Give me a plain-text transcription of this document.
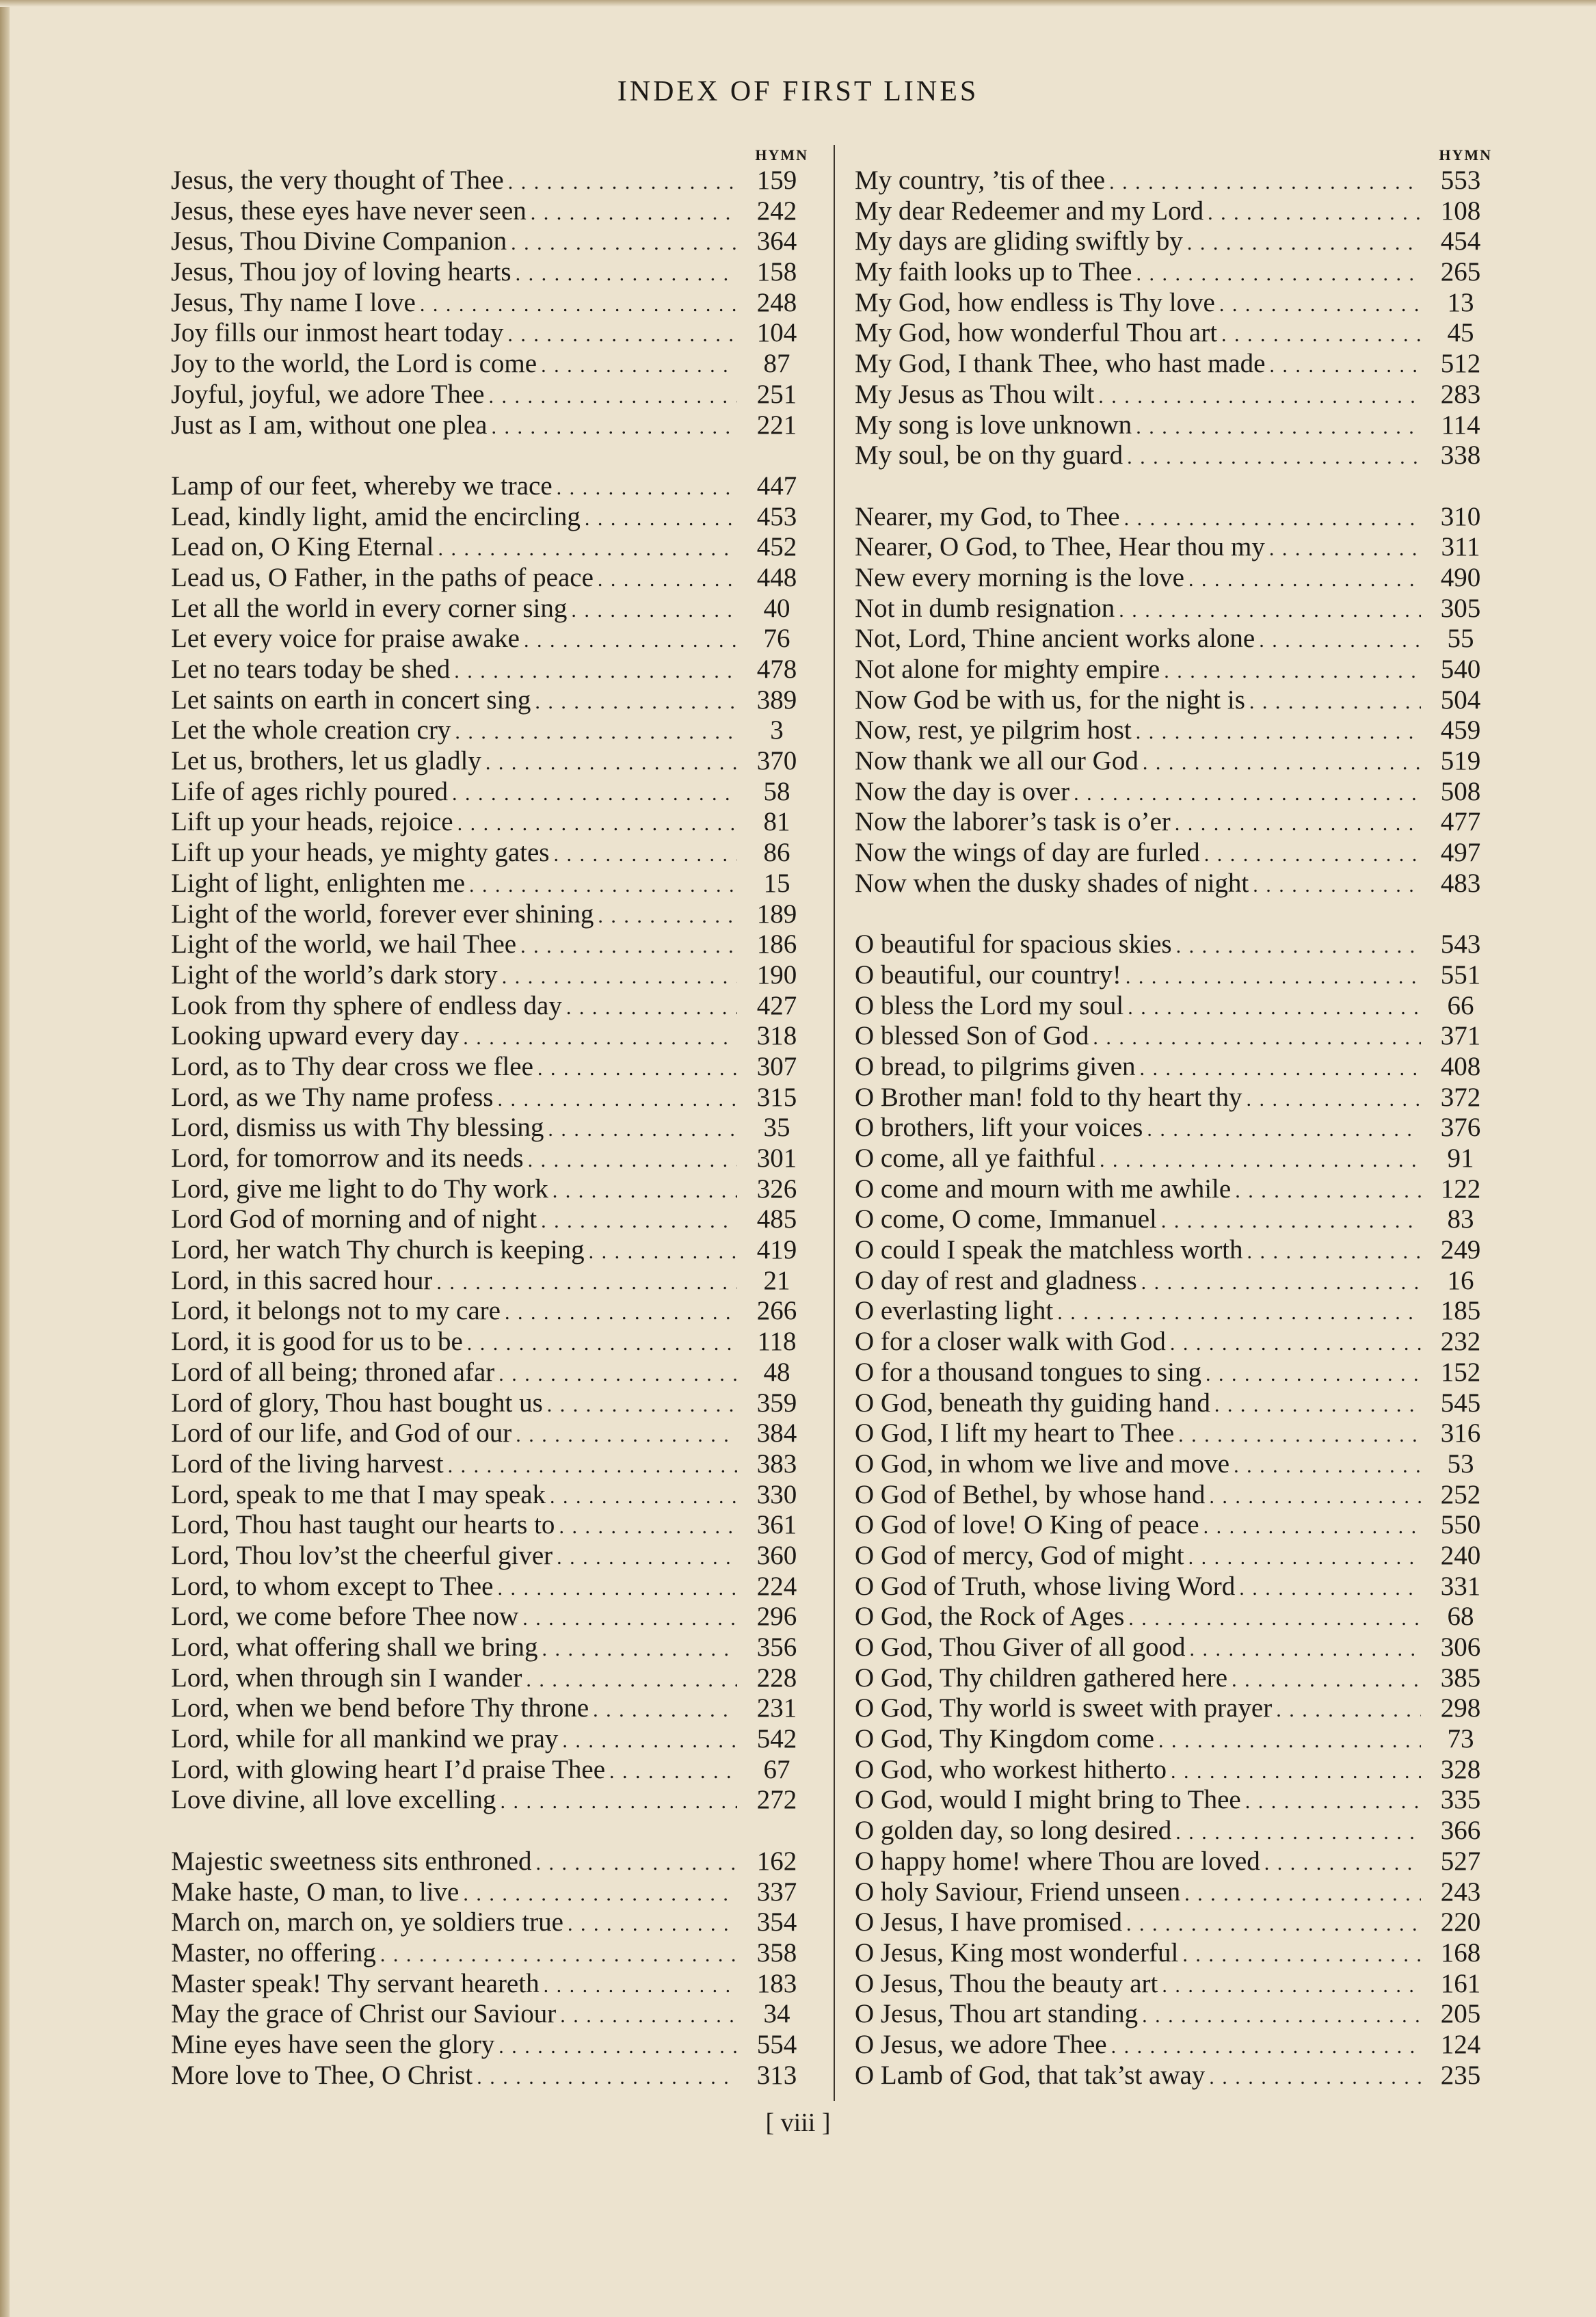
INDEX OF FIRST LINES
HYMN
Jesus, the very thought of Thee . . .	159
Jesus, these eyes have never seen . . .	242
Jesus, Thou Divine Companion . . .	364
Jesus, Thou joy of loving hearts . . .	158
Jesus, Thy name I love . . .	248
Joy fills our inmost heart today . . .	104
Joy to the world, the Lord is come . . .	87
Joyful, joyful, we adore Thee . . .	251
Just as I am, without one plea . . .	221
Lamp of our feet, whereby we trace . . .	447
Lead, kindly light, amid the encircling . . .	453
Lead on, O King Eternal . . .	452
Lead us, O Father, in the paths of peace . . .	448
Let all the world in every corner sing . . .	40
Let every voice for praise awake . . .	76
Let no tears today be shed . . .	478
Let saints on earth in concert sing . . .	389
Let the whole creation cry . . .	3
Let us, brothers, let us gladly . . .	370
Life of ages richly poured . . .	58
Lift up your heads, rejoice . . .	81
Lift up your heads, ye mighty gates . . .	86
Light of light, enlighten me . . .	15
Light of the world, forever ever shining . . .	189
Light of the world, we hail Thee . . .	186
Light of the world’s dark story . . .	190
Look from thy sphere of endless day . . .	427
Looking upward every day . . .	318
Lord, as to Thy dear cross we flee . . .	307
Lord, as we Thy name profess . . .	315
Lord, dismiss us with Thy blessing . . .	35
Lord, for tomorrow and its needs . . .	301
Lord, give me light to do Thy work . . .	326
Lord God of morning and of night . . .	485
Lord, her watch Thy church is keeping . . .	419
Lord, in this sacred hour . . .	21
Lord, it belongs not to my care . . .	266
Lord, it is good for us to be . . .	118
Lord of all being; throned afar . . .	48
Lord of glory, Thou hast bought us . . .	359
Lord of our life, and God of our . . .	384
Lord of the living harvest . . .	383
Lord, speak to me that I may speak . . .	330
Lord, Thou hast taught our hearts to . . .	361
Lord, Thou lov’st the cheerful giver . . .	360
Lord, to whom except to Thee . . .	224
Lord, we come before Thee now . . .	296
Lord, what offering shall we bring . . .	356
Lord, when through sin I wander . . .	228
Lord, when we bend before Thy throne . . .	231
Lord, while for all mankind we pray . . .	542
Lord, with glowing heart I’d praise Thee . . .	67
Love divine, all love excelling . . .	272
Majestic sweetness sits enthroned . . .	162
Make haste, O man, to live . . .	337
March on, march on, ye soldiers true . . .	354
Master, no offering . . .	358
Master speak! Thy servant heareth . . .	183
May the grace of Christ our Saviour . . .	34
Mine eyes have seen the glory . . .	554
More love to Thee, O Christ . . .	313
HYMN
My country, ’tis of thee . . .	553
My dear Redeemer and my Lord . . .	108
My days are gliding swiftly by . . .	454
My faith looks up to Thee . . .	265
My God, how endless is Thy love . . .	13
My God, how wonderful Thou art . . .	45
My God, I thank Thee, who hast made . . .	512
My Jesus as Thou wilt . . .	283
My song is love unknown . . .	114
My soul, be on thy guard . . .	338
Nearer, my God, to Thee . . .	310
Nearer, O God, to Thee, Hear thou my . . .	311
New every morning is the love . . .	490
Not in dumb resignation . . .	305
Not, Lord, Thine ancient works alone . . .	55
Not alone for mighty empire . . .	540
Now God be with us, for the night is . . .	504
Now, rest, ye pilgrim host . . .	459
Now thank we all our God . . .	519
Now the day is over . . .	508
Now the laborer’s task is o’er . . .	477
Now the wings of day are furled . . .	497
Now when the dusky shades of night . . .	483
O beautiful for spacious skies . . .	543
O beautiful, our country! . . .	551
O bless the Lord my soul . . .	66
O blessed Son of God . . .	371
O bread, to pilgrims given . . .	408
O Brother man! fold to thy heart thy . . .	372
O brothers, lift your voices . . .	376
O come, all ye faithful . . .	91
O come and mourn with me awhile . . .	122
O come, O come, Immanuel . . .	83
O could I speak the matchless worth . . .	249
O day of rest and gladness . . .	16
O everlasting light . . .	185
O for a closer walk with God . . .	232
O for a thousand tongues to sing . . .	152
O God, beneath thy guiding hand . . .	545
O God, I lift my heart to Thee . . .	316
O God, in whom we live and move . . .	53
O God of Bethel, by whose hand . . .	252
O God of love! O King of peace . . .	550
O God of mercy, God of might . . .	240
O God of Truth, whose living Word . . .	331
O God, the Rock of Ages . . .	68
O God, Thou Giver of all good . . .	306
O God, Thy children gathered here . . .	385
O God, Thy world is sweet with prayer . . .	298
O God, Thy Kingdom come . . .	73
O God, who workest hitherto . . .	328
O God, would I might bring to Thee . . .	335
O golden day, so long desired . . .	366
O happy home! where Thou are loved . . .	527
O holy Saviour, Friend unseen . . .	243
O Jesus, I have promised . . .	220
O Jesus, King most wonderful . . .	168
O Jesus, Thou the beauty art . . .	161
O Jesus, Thou art standing . . .	205
O Jesus, we adore Thee . . .	124
O Lamb of God, that tak’st away . . .	235
[ viii ]
